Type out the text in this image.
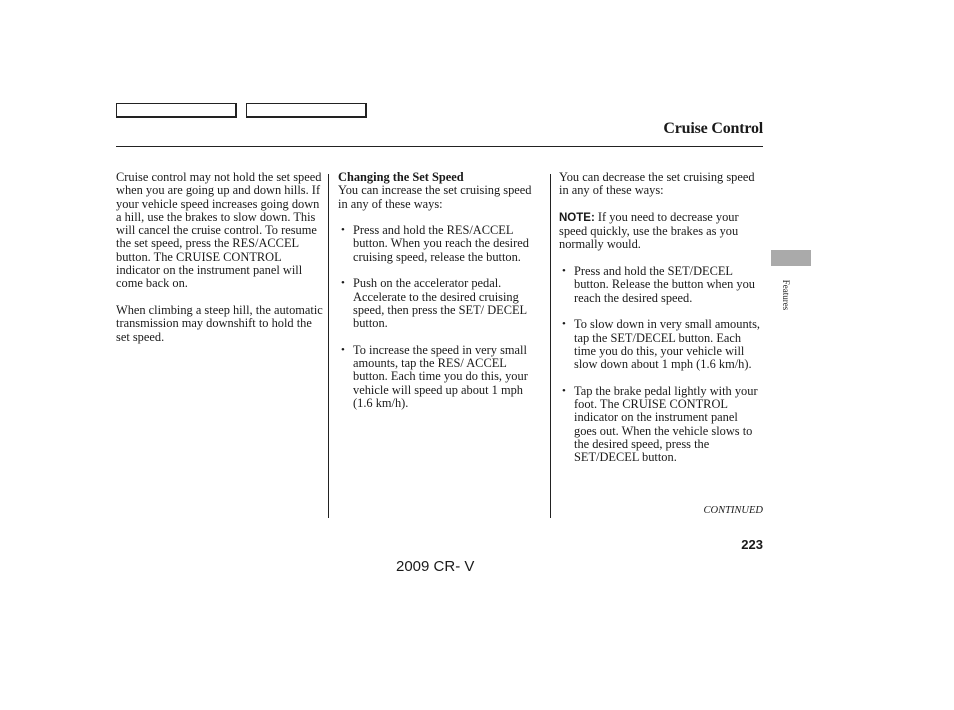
Cruise Control

Cruise control may not hold the set speed when you are going up and down hills. If your vehicle speed increases going down a hill, use the brakes to slow down. This will cancel the cruise control. To resume the set speed, press the RES/ACCEL button. The CRUISE CONTROL indicator on the instrument panel will come back on.

When climbing a steep hill, the automatic transmission may downshift to hold the set speed.

Changing the Set Speed

You can increase the set cruising speed in any of these ways:

• Press and hold the RES/ACCEL button. When you reach the desired cruising speed, release the button.
• Push on the accelerator pedal. Accelerate to the desired cruising speed, then press the SET/ DECEL button.
• To increase the speed in very small amounts, tap the RES/ ACCEL button. Each time you do this, your vehicle will speed up about 1 mph (1.6 km/h).

You can decrease the set cruising speed in any of these ways:

NOTE: If you need to decrease your speed quickly, use the brakes as you normally would.

• Press and hold the SET/DECEL button. Release the button when you reach the desired speed.
• To slow down in very small amounts, tap the SET/DECEL button. Each time you do this, your vehicle will slow down about 1 mph (1.6 km/h).
• Tap the brake pedal lightly with your foot. The CRUISE CONTROL indicator on the instrument panel goes out. When the vehicle slows to the desired speed, press the SET/DECEL button.
Features
CONTINUED
223
2009 CR- V
